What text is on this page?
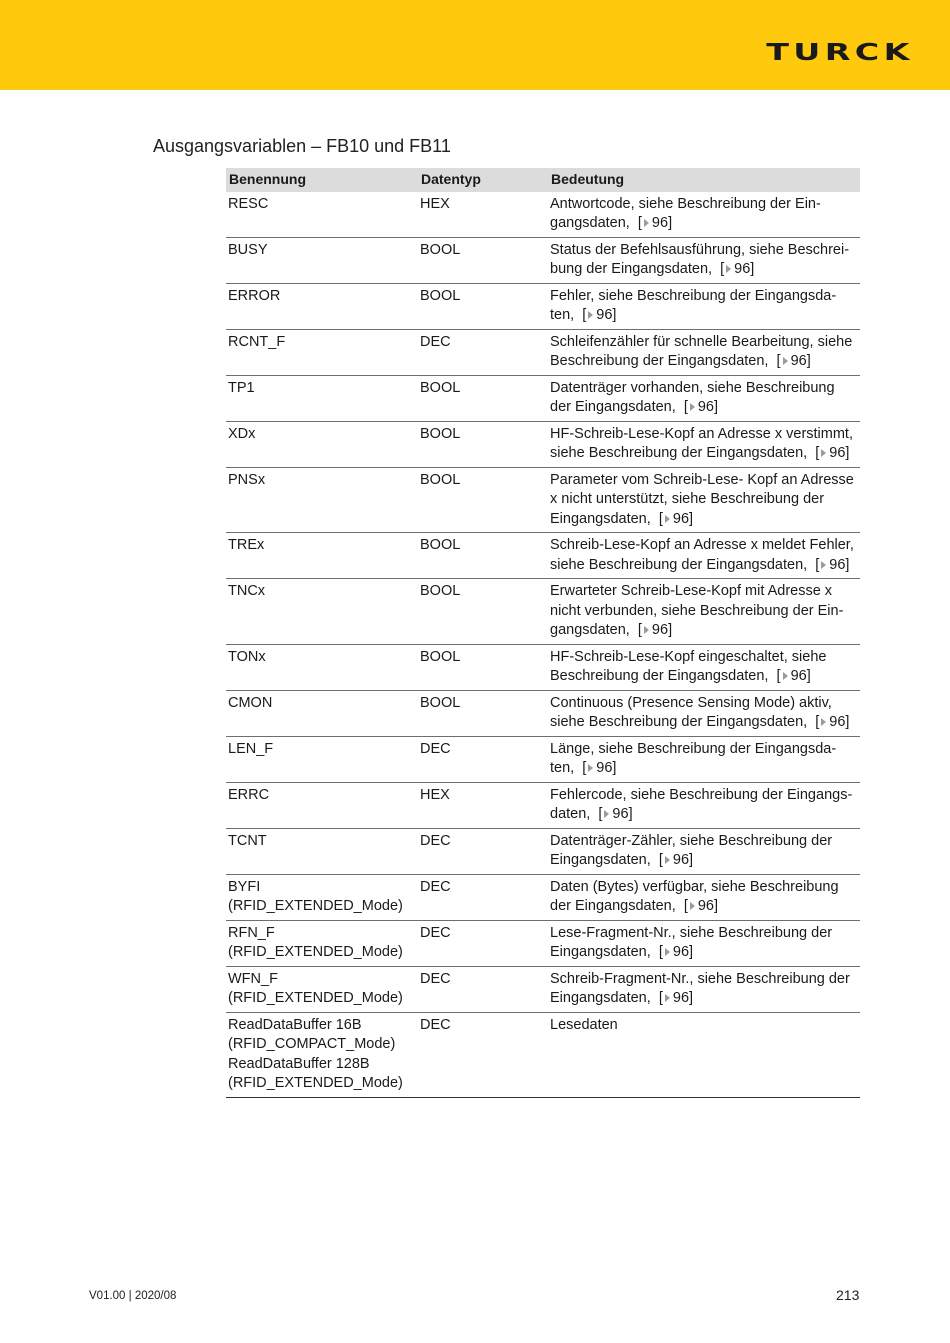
TURCK
Ausgangsvariablen – FB10 und FB11
Benennung	Datentyp	Bedeutung
RESC	HEX	Antwortcode, siehe Beschreibung der Ein-
gangsdaten,  [ 96]
BUSY	BOOL	Status der Befehlsausführung, siehe Beschrei-
bung der Eingangsdaten,  [ 96]
ERROR	BOOL	Fehler, siehe Beschreibung der Eingangsda-
ten,  [ 96]
RCNT_F	DEC	Schleifenzähler für schnelle Bearbeitung, siehe
Beschreibung der Eingangsdaten,  [ 96]
TP1	BOOL	Datenträger vorhanden, siehe Beschreibung
der Eingangsdaten,  [ 96]
XDx	BOOL	HF-Schreib-Lese-Kopf an Adresse x verstimmt,
siehe Beschreibung der Eingangsdaten,  [ 96]
PNSx	BOOL	Parameter vom Schreib-Lese- Kopf an Adresse
x nicht unterstützt, siehe Beschreibung der
Eingangsdaten,  [ 96]
TREx	BOOL	Schreib-Lese-Kopf an Adresse x meldet Fehler,
siehe Beschreibung der Eingangsdaten,  [ 96]
TNCx	BOOL	Erwarteter Schreib-Lese-Kopf mit Adresse x
nicht verbunden, siehe Beschreibung der Ein-
gangsdaten,  [ 96]
TONx	BOOL	HF-Schreib-Lese-Kopf eingeschaltet, siehe
Beschreibung der Eingangsdaten,  [ 96]
CMON	BOOL	Continuous (Presence Sensing Mode) aktiv,
siehe Beschreibung der Eingangsdaten,  [ 96]
LEN_F	DEC	Länge, siehe Beschreibung der Eingangsda-
ten,  [ 96]
ERRC	HEX	Fehlercode, siehe Beschreibung der Eingangs-
daten,  [ 96]
TCNT	DEC	Datenträger-Zähler, siehe Beschreibung der
Eingangsdaten,  [ 96]
BYFI
(RFID_EXTENDED_Mode)	DEC	Daten (Bytes) verfügbar, siehe Beschreibung
der Eingangsdaten,  [ 96]
RFN_F
(RFID_EXTENDED_Mode)	DEC	Lese-Fragment-Nr., siehe Beschreibung der
Eingangsdaten,  [ 96]
WFN_F
(RFID_EXTENDED_Mode)	DEC	Schreib-Fragment-Nr., siehe Beschreibung der
Eingangsdaten,  [ 96]
ReadDataBuffer 16B
(RFID_COMPACT_Mode)
ReadDataBuffer 128B
(RFID_EXTENDED_Mode)	DEC	Lesedaten
V01.00 | 2020/08	213
